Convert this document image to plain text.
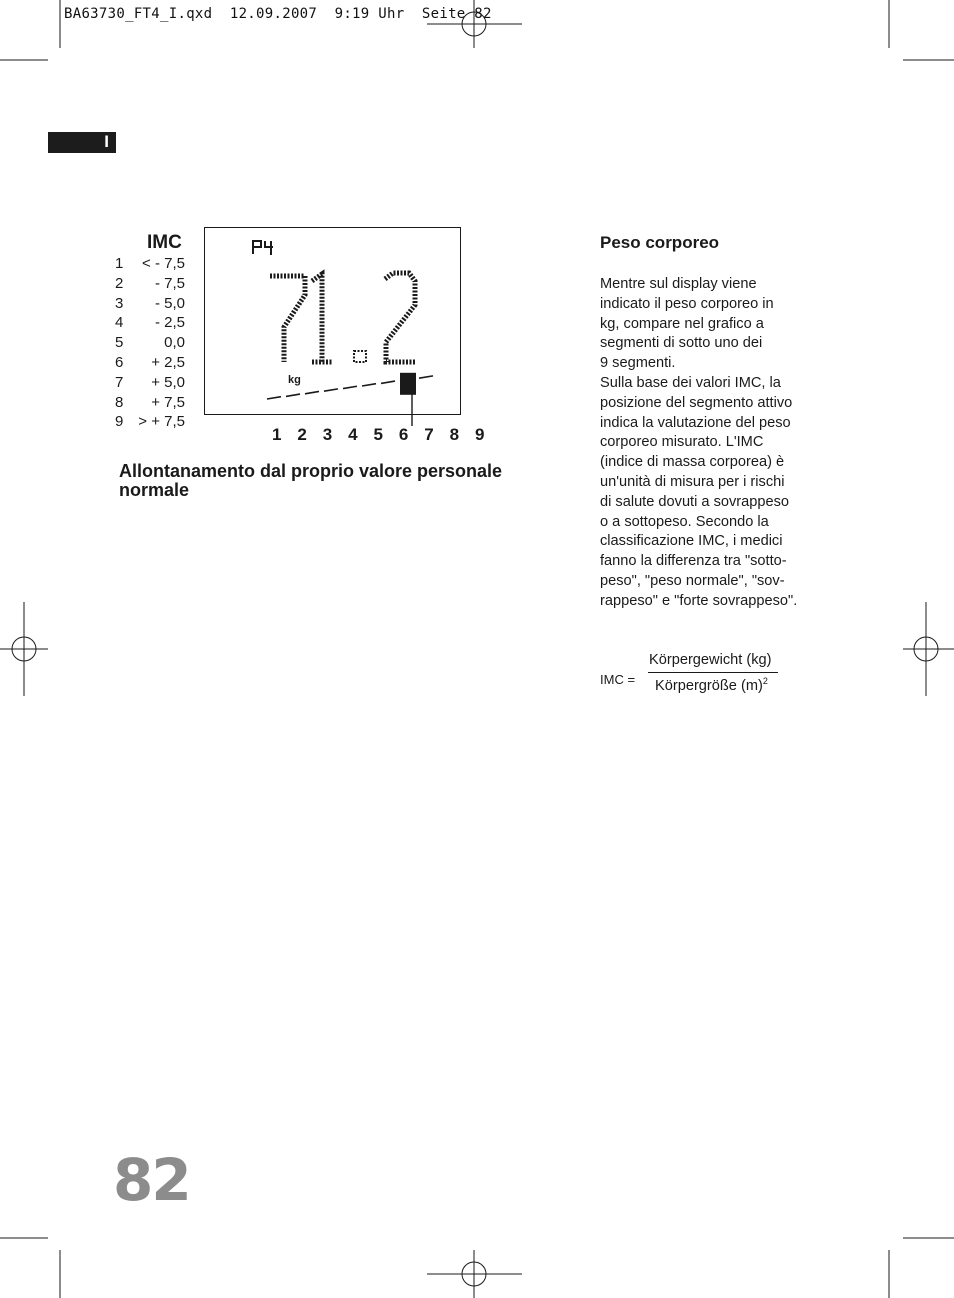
BA63730_FT4_I.qxd  12.09.2007  9:19 Uhr  Seite 82
I
IMC
1 < - 7,5
2 - 7,5
3 - 5,0
4 - 2,5
5	0,0
6 + 2,5
7 + 5,0
8 + 7,5
9 > + 7,5
kg
1 2 3 4 5 6 7 8 9
Allontanamento dal proprio valore personale normale
Peso corporeo
Mentre sul display viene
indicato il peso corporeo in
kg, compare nel grafico a
segmenti di sotto uno dei
9 segmenti.
Sulla base dei valori IMC, la
posizione del segmento attivo
indica la valutazione del peso
corporeo misurato. L'IMC
(indice di massa corporea) è
un'unità di misura per i rischi
di salute dovuti a sovrappeso
o a sottopeso. Secondo la
classificazione IMC, i medici
fanno la differenza tra "sotto-
peso", "peso normale", "sov-
rappeso" e "forte sovrappeso".
IMC =
Körpergewicht (kg)
Körpergröße $(m)^2$
82
